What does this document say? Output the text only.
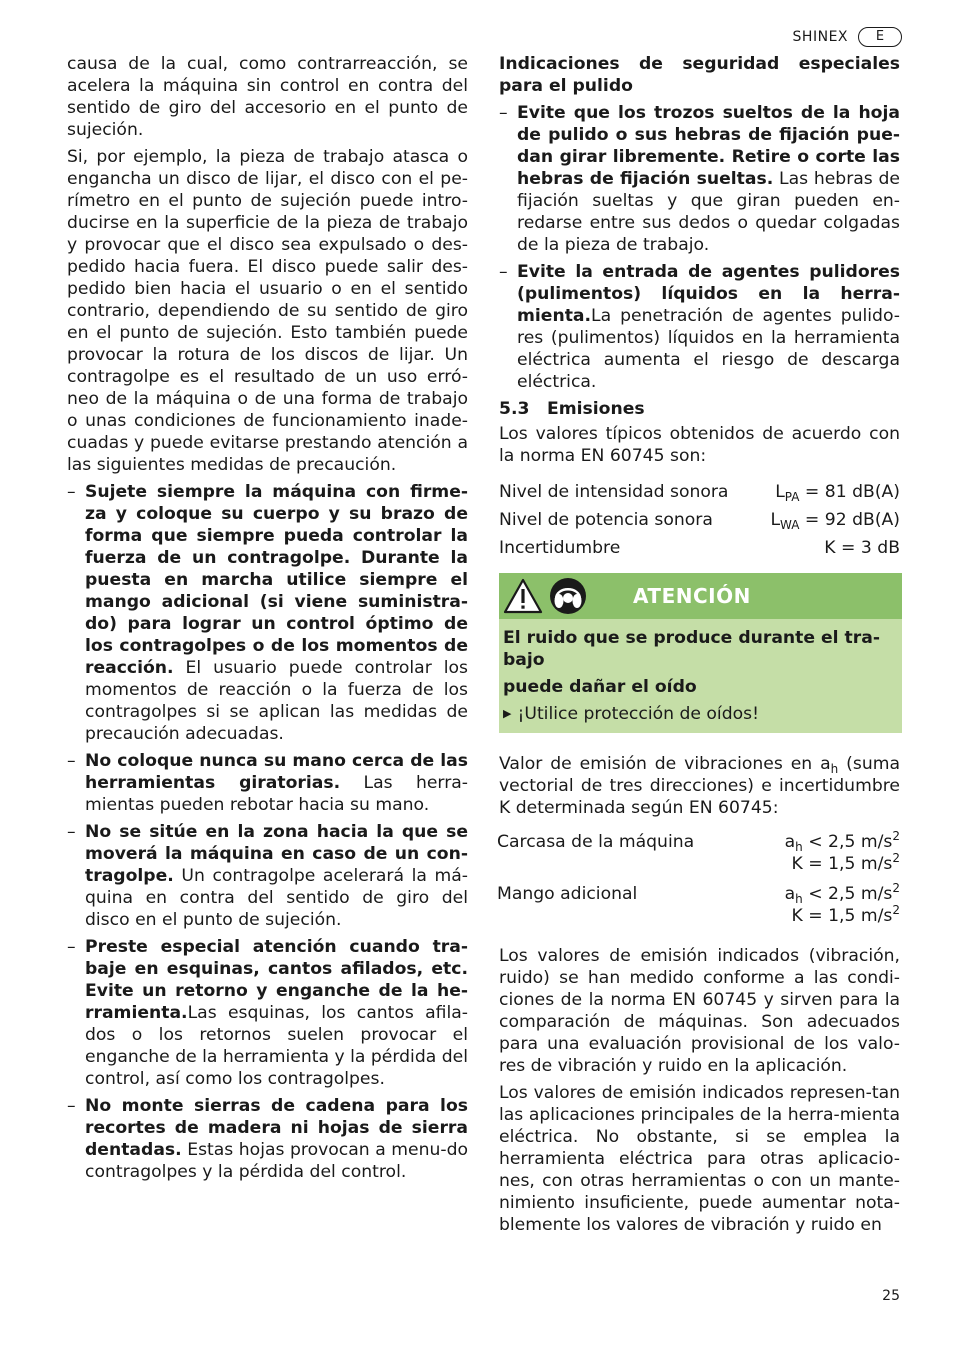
SHINEX	E

causa de la cual, como contrarreacción, se acelera la máquina sin control en contra del sentido de giro del accesorio en el punto de sujeción.

Si, por ejemplo, la pieza de trabajo atasca o engancha un disco de lijar, el disco con el pe-rímetro en el punto de sujeción puede intro-ducirse en la superficie de la pieza de trabajo y provocar que el disco sea expulsado o des-pedido hacia fuera. El disco puede salir des-pedido bien hacia el usuario o en el sentido contrario, dependiendo de su sentido de giro en el punto de sujeción. Esto también puede provocar la rotura de los discos de lijar. Un contragolpe es el resultado de un uso erró-neo de la máquina o de una forma de trabajo o unas condiciones de funcionamiento inade-cuadas y puede evitarse prestando atención a las siguientes medidas de precaución.

– Sujete siempre la máquina con firme-za y coloque su cuerpo y su brazo de forma que siempre pueda controlar la fuerza de un contragolpe. Durante la puesta en marcha utilice siempre el mango adicional (si viene suministra-do) para lograr un control óptimo de los contragolpes o de los momentos de reacción. El usuario puede controlar los momentos de reacción o la fuerza de los contragolpes si se aplican las medidas de precaución adecuadas.
– No coloque nunca su mano cerca de las herramientas giratorias. Las herra-mientas pueden rebotar hacia su mano.
– No se sitúe en la zona hacia la que se moverá la máquina en caso de un con-tragolpe. Un contragolpe acelerará la má-quina en contra del sentido de giro del disco en el punto de sujeción.
– Preste especial atención cuando tra-baje en esquinas, cantos afilados, etc. Evite un retorno y enganche de la he-rramienta.Las esquinas, los cantos afila-dos o los retornos suelen provocar el enganche de la herramienta y la pérdida del control, así como los contragolpes.
– No monte sierras de cadena para los recortes de madera ni hojas de sierra dentadas. Estas hojas provocan a menu-do contragolpes y la pérdida del control.
Indicaciones de seguridad especiales para el pulido
– Evite que los trozos sueltos de la hoja de pulido o sus hebras de fijación pue-dan girar libremente. Retire o corte las hebras de fijación sueltas. Las hebras de fijación sueltas y que giran pueden en-redarse entre sus dedos o quedar colgadas de la pieza de trabajo.
– Evite la entrada de agentes pulidores (pulimentos) líquidos en la herra-mienta.La penetración de agentes pulido-res (pulimentos) líquidos en la herramienta eléctrica aumenta el riesgo de descarga eléctrica.
5.3	Emisiones

Los valores típicos obtenidos de acuerdo con la norma EN 60745 son:

Nivel de intensidad sonora	$L_{PA} = 81$ dB(A)
Nivel de potencia sonora	$L_{WA} = 92$ dB(A)
Incertidumbre	K = 3 dB
ATENCIÓN
El ruido que se produce durante el tra-bajo
puede dañar el oído
▶ ¡Utilice protección de oídos!

Valor de emisión de vibraciones en $a_h$ (suma vectorial de tres direcciones) e incertidumbre K determinada según EN 60745:

Carcasa de la máquina	$a_h < 2,5$ $m/s^2$
K = 1,5 $m/s^2$
Mango adicional	$a_h < 2,5$ $m/s^2$
K = 1,5 $m/s^2$

Los valores de emisión indicados (vibración, ruido) se han medido conforme a las condi-ciones de la norma EN 60745 y sirven para la comparación de máquinas. Son adecuados para una evaluación provisional de los valo-res de vibración y ruido en la aplicación.

Los valores de emisión indicados represen-tan las aplicaciones principales de la herra-mienta eléctrica. No obstante, si se emplea la herramienta eléctrica para otras aplicacio-nes, con otras herramientas o con un mante-nimiento insuficiente, puede aumentar nota-blemente los valores de vibración y ruido en

25
